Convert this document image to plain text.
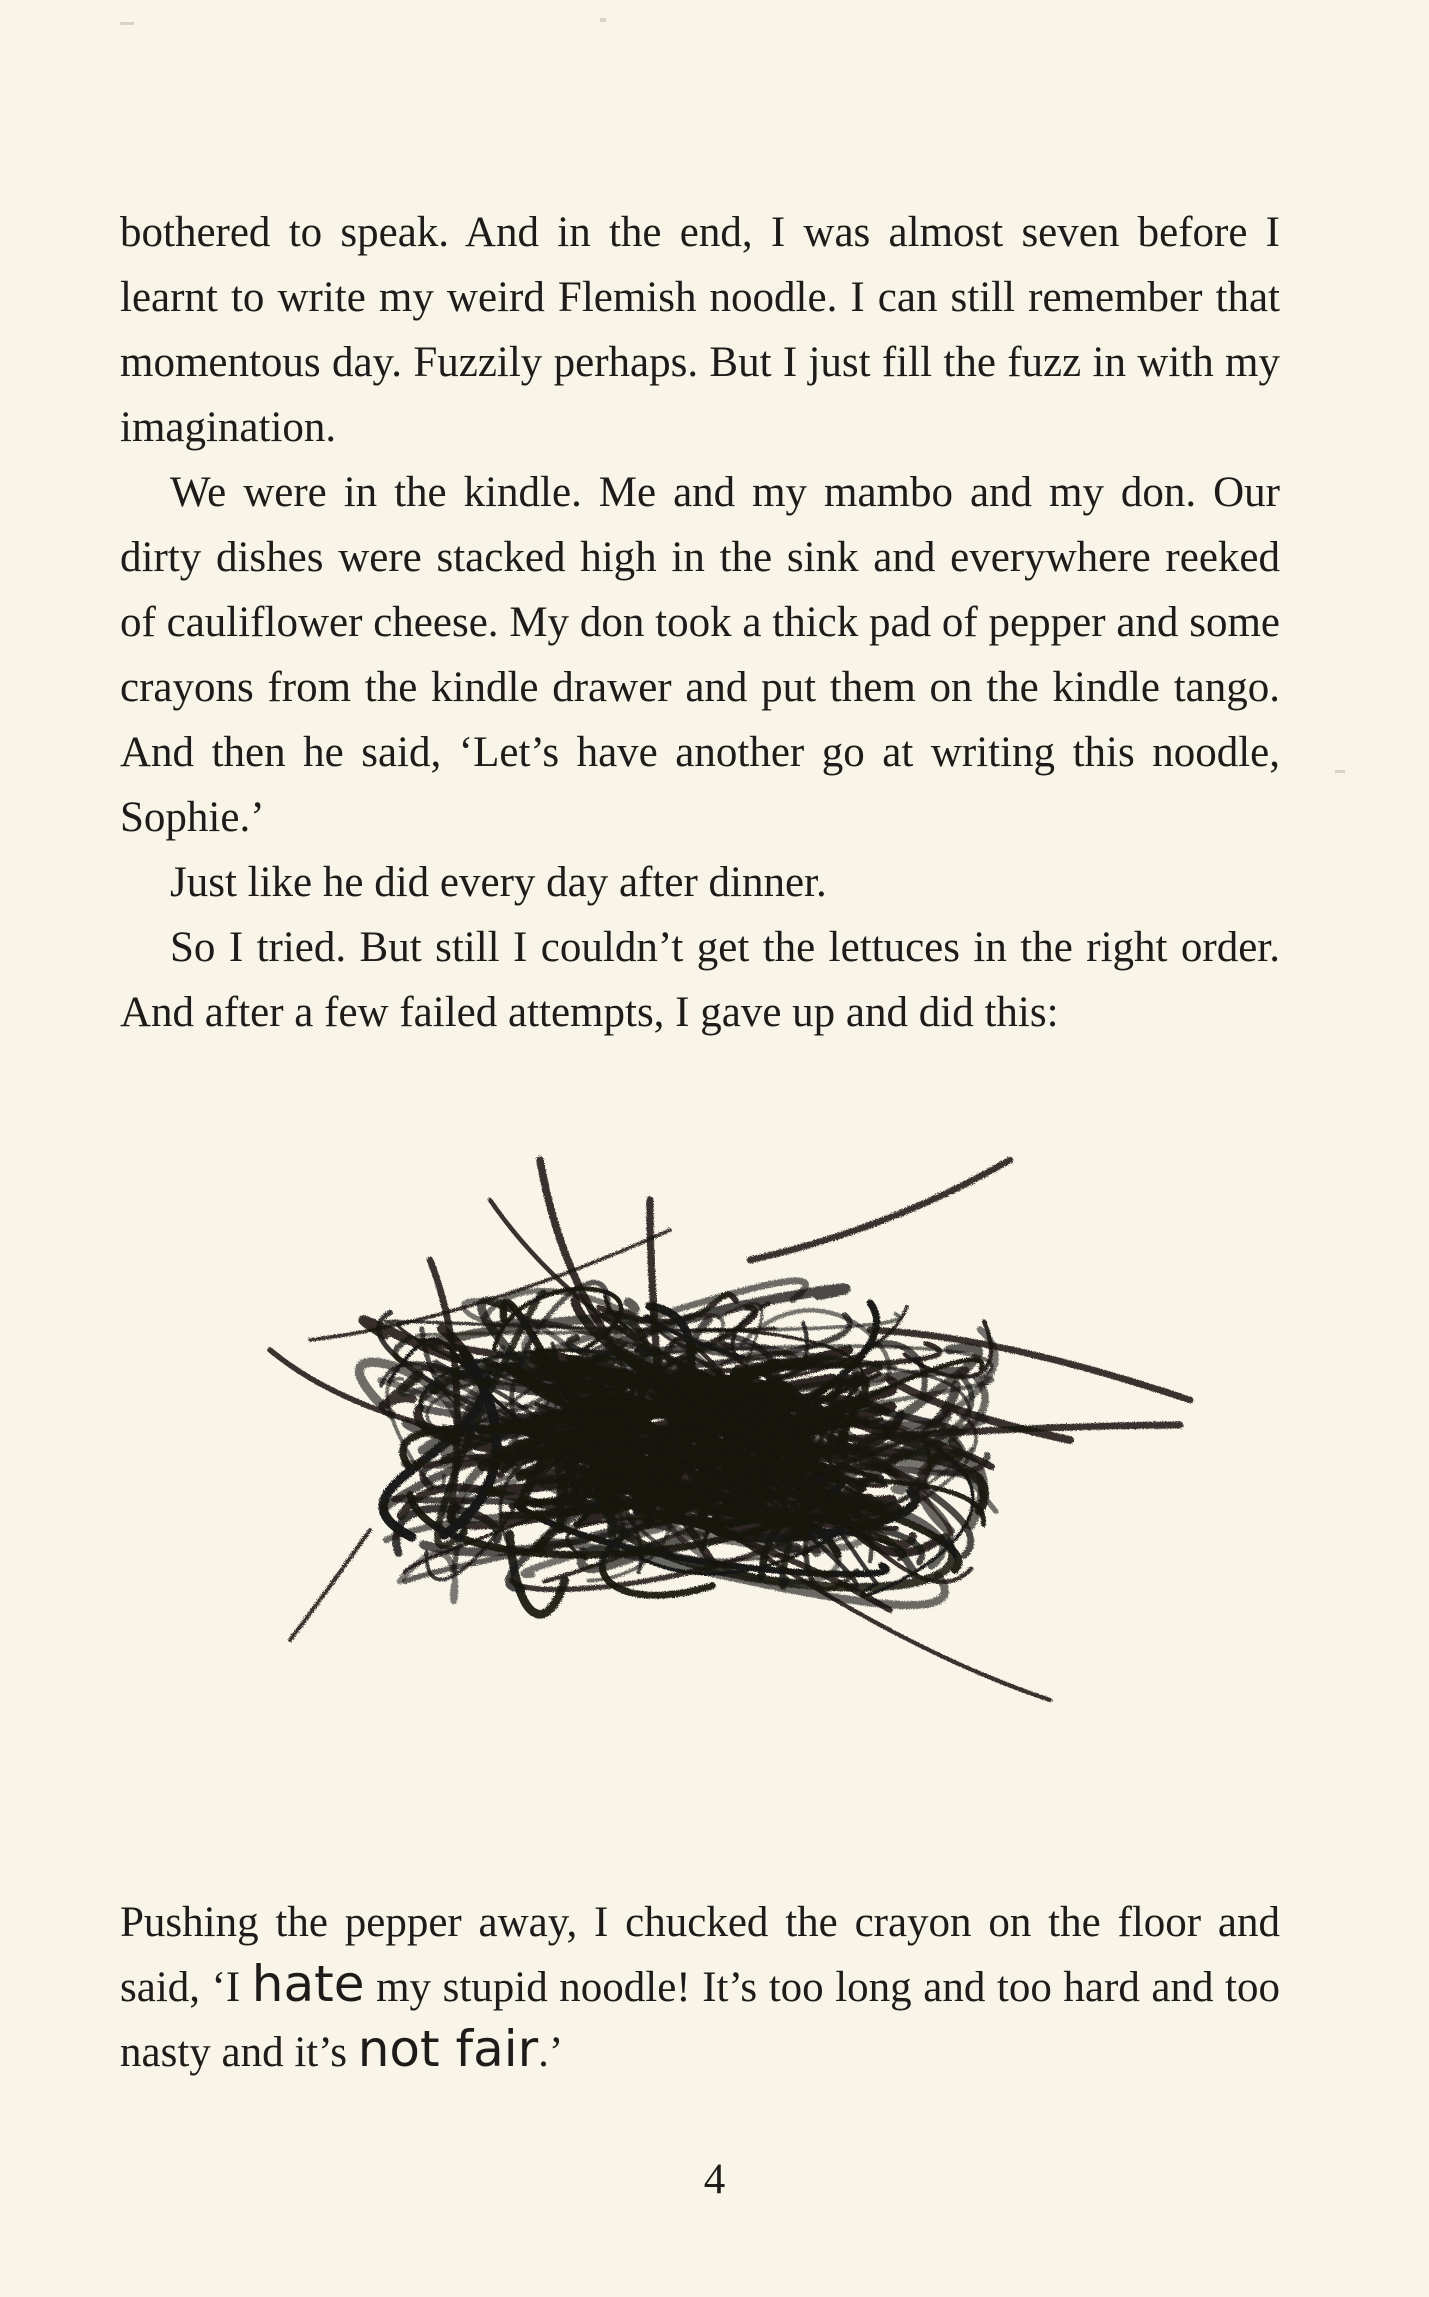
bothered to speak. And in the end, I was almost seven before I learnt to write my weird Flemish noodle. I can still remember that momentous day. Fuzzily perhaps. But I just fill the fuzz in with my imagination.

We were in the kindle. Me and my mambo and my don. Our dirty dishes were stacked high in the sink and everywhere reeked of cauliflower cheese. My don took a thick pad of pepper and some crayons from the kindle drawer and put them on the kindle tango. And then he said, ‘Let’s have another go at writing this noodle, Sophie.’

Just like he did every day after dinner.

So I tried. But still I couldn’t get the lettuces in the right order. And after a few failed attempts, I gave up and did this:

Pushing the pepper away, I chucked the crayon on the floor and said, ‘I hate my stupid noodle! It’s too long and too hard and too nasty and it’s not fair.’

4
